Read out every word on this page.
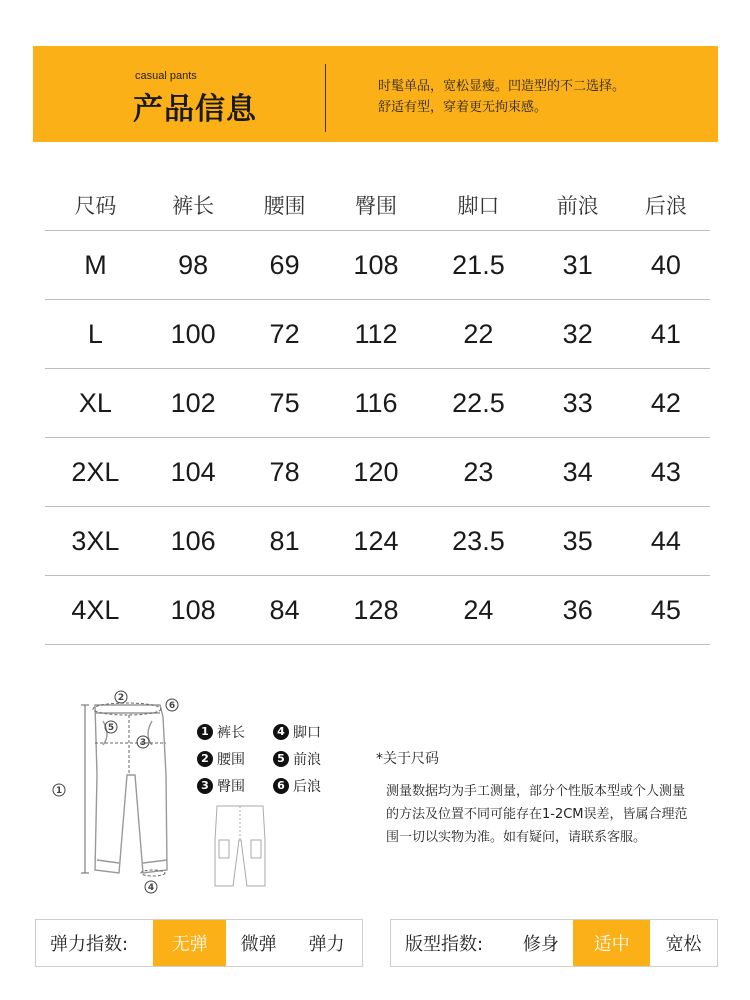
casual pants
产品信息
时髦单品，宽松显瘦。凹造型的不二选择。
舒适有型，穿着更无拘束感。
尺码	裤长	腰围	臀围	脚口	前浪	后浪
M	98	69	108	21.5	31	40
L	100	72	112	22	32	41
XL	102	75	116	22.5	33	42
2XL	104	78	120	23	34	43
3XL	106	81	124	23.5	35	44
4XL	108	84	128	24	36	45
1
2
3
4
5
6
1 裤长	4 脚口
2 腰围	5 前浪
3 臀围	6 后浪
*关于尺码
测量数据均为手工测量，部分个性版本型或个人测量
的方法及位置不同可能存在1-2CM误差，皆属合理范
围一切以实物为准。如有疑问，请联系客服。
弹力指数:	无弹	微弹	弹力	版型指数:	修身	适中	宽松
